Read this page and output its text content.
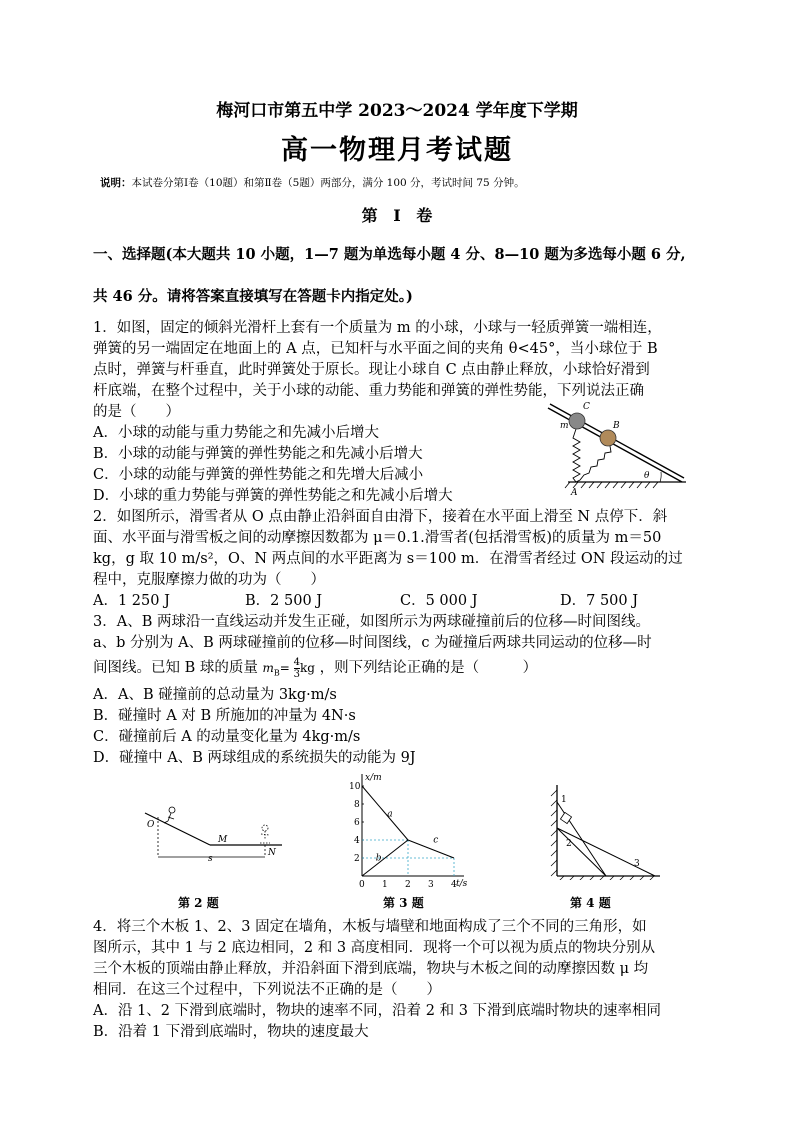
梅河口市第五中学 2023～2024 学年度下学期
高一物理月考试题
说明：本试卷分第Ⅰ卷（10题）和第Ⅱ卷（5题）两部分，满分 100 分，考试时间 75 分钟。
第 Ⅰ 卷
一、选择题(本大题共 10 小题，1—7 题为单选每小题 4 分、8—10 题为多选每小题 6 分,
共 46 分。请将答案直接填写在答题卡内指定处。)
1．如图，固定的倾斜光滑杆上套有一个质量为 m 的小球，小球与一轻质弹簧一端相连，
弹簧的另一端固定在地面上的 A 点，已知杆与水平面之间的夹角 θ<45°，当小球位于 B
点时，弹簧与杆垂直，此时弹簧处于原长。现让小球自 C 点由静止释放，小球恰好滑到
杆底端，在整个过程中，关于小球的动能、重力势能和弹簧的弹性势能，下列说法正确
的是（　　）
A．小球的动能与重力势能之和先减小后增大
B．小球的动能与弹簧的弹性势能之和先减小后增大
C．小球的动能与弹簧的弹性势能之和先增大后减小
D．小球的重力势能与弹簧的弹性势能之和先减小后增大
C
B
m
A
θ
2．如图所示，滑雪者从 O 点由静止沿斜面自由滑下，接着在水平面上滑至 N 点停下．斜
面、水平面与滑雪板之间的动摩擦因数都为 μ＝0.1.滑雪者(包括滑雪板)的质量为 m＝50
kg，g 取 10 m/s²，O、N 两点间的水平距离为 s＝100 m．在滑雪者经过 ON 段运动的过
程中，克服摩擦力做的功为（　　）
A．1 250 J	B．2 500 J	C．5 000 J	D．7 500 J
3．A、B 两球沿一直线运动并发生正碰，如图所示为两球碰撞前后的位移—时间图线。
a、b 分别为 A、B 两球碰撞前的位移—时间图线，c 为碰撞后两球共同运动的位移—时
间图线。已知 B 球的质量 $m_B= \frac{4}{3}$ kg ，则下列结论正确的是（　　　）
A．A、B 碰撞前的总动量为 3kg·m/s
B．碰撞时 A 对 B 所施加的冲量为 4N·s
C．碰撞前后 A 的动量变化量为 4kg·m/s
D．碰撞中 A、B 两球组成的系统损失的动能为 9J
O
M
N
s
第 2 题
x/m
t/s
0 1 2 3 4
2
4
6
8
10
a
b
c
第 3 题
1
2
3
第 4 题
4．将三个木板 1、2、3 固定在墙角，木板与墙壁和地面构成了三个不同的三角形，如
图所示，其中 1 与 2 底边相同，2 和 3 高度相同．现将一个可以视为质点的物块分别从
三个木板的顶端由静止释放，并沿斜面下滑到底端，物块与木板之间的动摩擦因数 μ 均
相同．在这三个过程中，下列说法不正确的是（　　）
A．沿 1、2 下滑到底端时，物块的速率不同，沿着 2 和 3 下滑到底端时物块的速率相同
B．沿着 1 下滑到底端时，物块的速度最大
